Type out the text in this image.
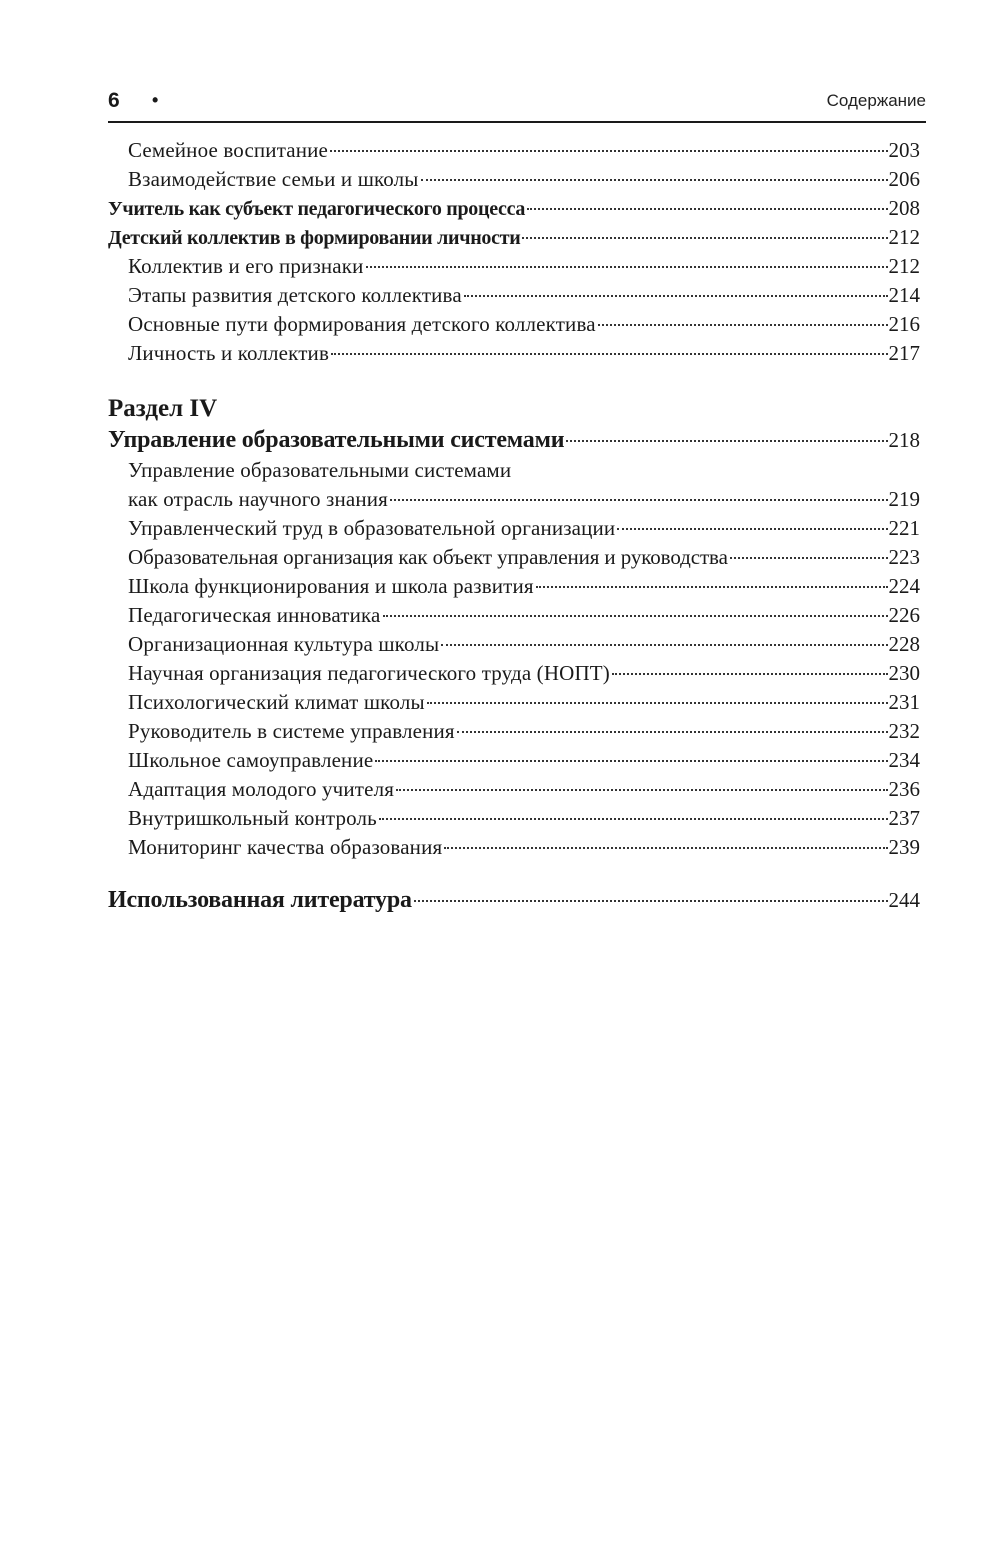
6 •	Содержание
Семейное воспитание	203
Взаимодействие семьи и школы	206
Учитель как субъект педагогического процесса	208
Детский коллектив в формировании личности	212
Коллектив и его признаки	212
Этапы развития детского коллектива	214
Основные пути формирования детского коллектива	216
Личность и коллектив	217
Раздел IV
Управление образовательными системами	218
Управление образовательными системами
как отрасль научного знания	219
Управленческий труд в образовательной организации	221
Образовательная организация как объект управления и руководства	223
Школа функционирования и школа развития	224
Педагогическая инноватика	226
Организационная культура школы	228
Научная организация педагогического труда (НОПТ)	230
Психологический климат школы	231
Руководитель в системе управления	232
Школьное самоуправление	234
Адаптация молодого учителя	236
Внутришкольный контроль	237
Мониторинг качества образования	239
Использованная литература	244
